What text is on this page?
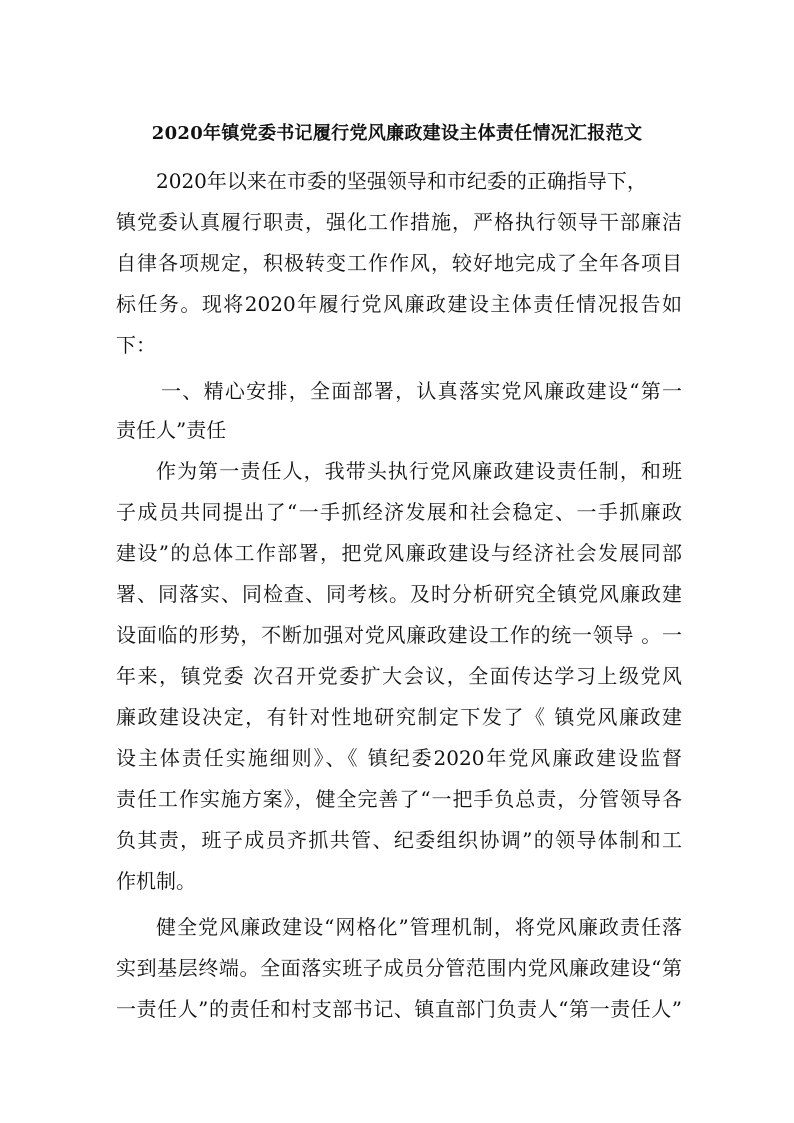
2020年镇党委书记履行党风廉政建设主体责任情况汇报范文
2020年以来在市委的坚强领导和市纪委的正确指导下，
镇党委认真履行职责，强化工作措施，严格执行领导干部廉洁
自律各项规定，积极转变工作作风，较好地完成了全年各项目
标任务。现将2020年履行党风廉政建设主体责任情况报告如
下：
一、精心安排，全面部署，认真落实党风廉政建设“第一
责任人”责任
作为第一责任人，我带头执行党风廉政建设责任制，和班
子成员共同提出了“一手抓经济发展和社会稳定、一手抓廉政
建设”的总体工作部署，把党风廉政建设与经济社会发展同部
署、同落实、同检查、同考核。及时分析研究全镇党风廉政建
设面临的形势，不断加强对党风廉政建设工作的统一领导 。一
年来，镇党委 次召开党委扩大会议，全面传达学习上级党风
廉政建设决定，有针对性地研究制定下发了《 镇党风廉政建
设主体责任实施细则》、《 镇纪委2020年党风廉政建设监督
责任工作实施方案》，健全完善了“一把手负总责，分管领导各
负其责，班子成员齐抓共管、纪委组织协调”的领导体制和工
作机制。
健全党风廉政建设“网格化”管理机制，将党风廉政责任落
实到基层终端。全面落实班子成员分管范围内党风廉政建设“第
一责任人”的责任和村支部书记、镇直部门负责人“第一责任人”
